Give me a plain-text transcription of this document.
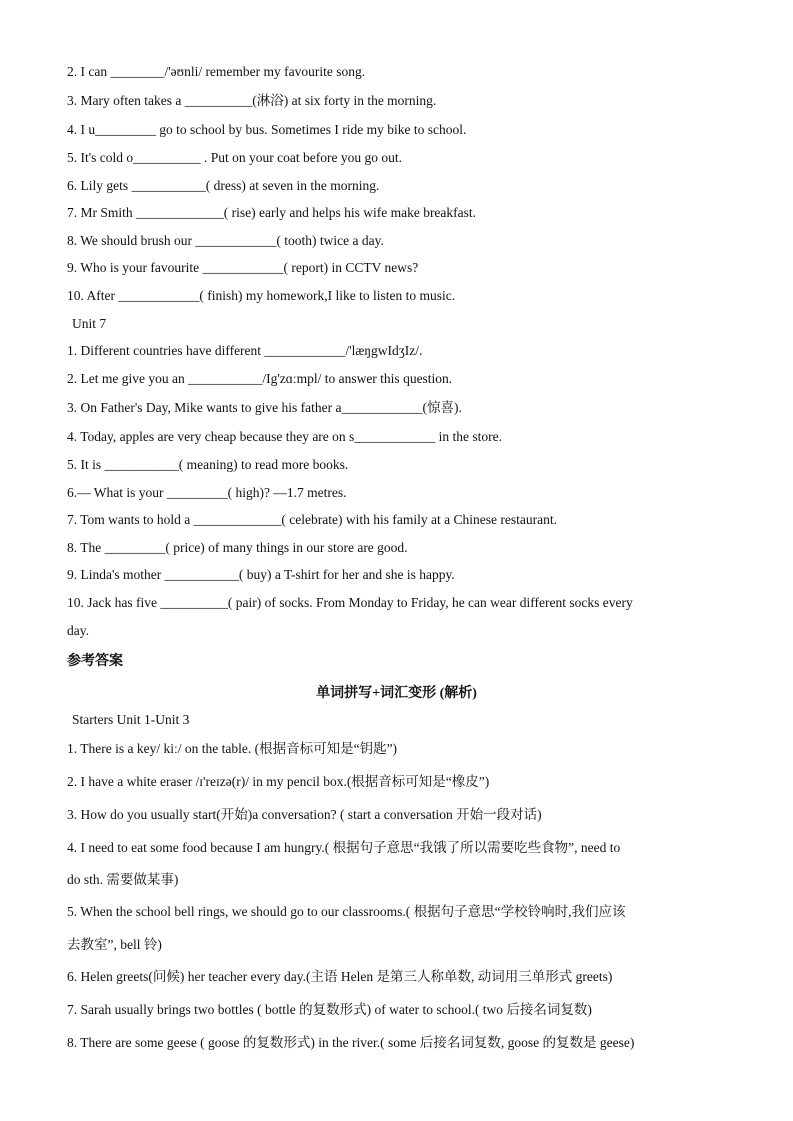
2. I can ________/'əʊnli/ remember my favourite song.
3. Mary often takes a __________(淋浴) at six forty in the morning.
4. I u_________ go to school by bus. Sometimes I ride my bike to school.
5. It's cold o__________ . Put on your coat before you go out.
6. Lily gets ___________( dress) at seven in the morning.
7. Mr Smith _____________( rise) early and helps his wife make breakfast.
8. We should brush our ____________( tooth) twice a day.
9. Who is your favourite ____________( report) in CCTV news?
10. After ____________( finish) my homework,I like to listen to music.
Unit 7
1. Different countries have different ____________/'læŋgwIdʒIz/.
2. Let me give you an ___________/Ig'zɑːmpl/ to answer this question.
3. On Father's Day, Mike wants to give his father a____________(惊喜).
4. Today, apples are very cheap because they are on s____________ in the store.
5. It is ___________( meaning) to read more books.
6.— What is your _________( high)? —1.7 metres.
7. Tom wants to hold a _____________( celebrate) with his family at a Chinese restaurant.
8. The _________( price) of many things in our store are good.
9. Linda's mother ___________( buy) a T-shirt for her and she is happy.
10. Jack has five __________( pair) of socks. From Monday to Friday, he can wear different socks every
day.
参考答案
单词拼写+词汇变形 (解析)
Starters Unit 1-Unit 3
1. There is a key/ kiː/ on the table. (根据音标可知是“钥匙”)
2. I have a white eraser /ɪ'reɪzə(r)/ in my pencil box.(根据音标可知是“橡皮”)
3. How do you usually start(开始)a conversation? ( start a conversation 开始一段对话)
4. I need to eat some food because I am hungry.( 根据句子意思“我饿了所以需要吃些食物”, need to
do sth. 需要做某事)
5. When the school bell rings, we should go to our classrooms.( 根据句子意思“学校铃响时,我们应该
去教室”, bell 铃)
6. Helen greets(问候) her teacher every day.(主语 Helen 是第三人称单数, 动词用三单形式 greets)
7. Sarah usually brings two bottles ( bottle 的复数形式) of water to school.( two 后接名词复数)
8. There are some geese ( goose 的复数形式) in the river.( some 后接名词复数, goose 的复数是 geese)
